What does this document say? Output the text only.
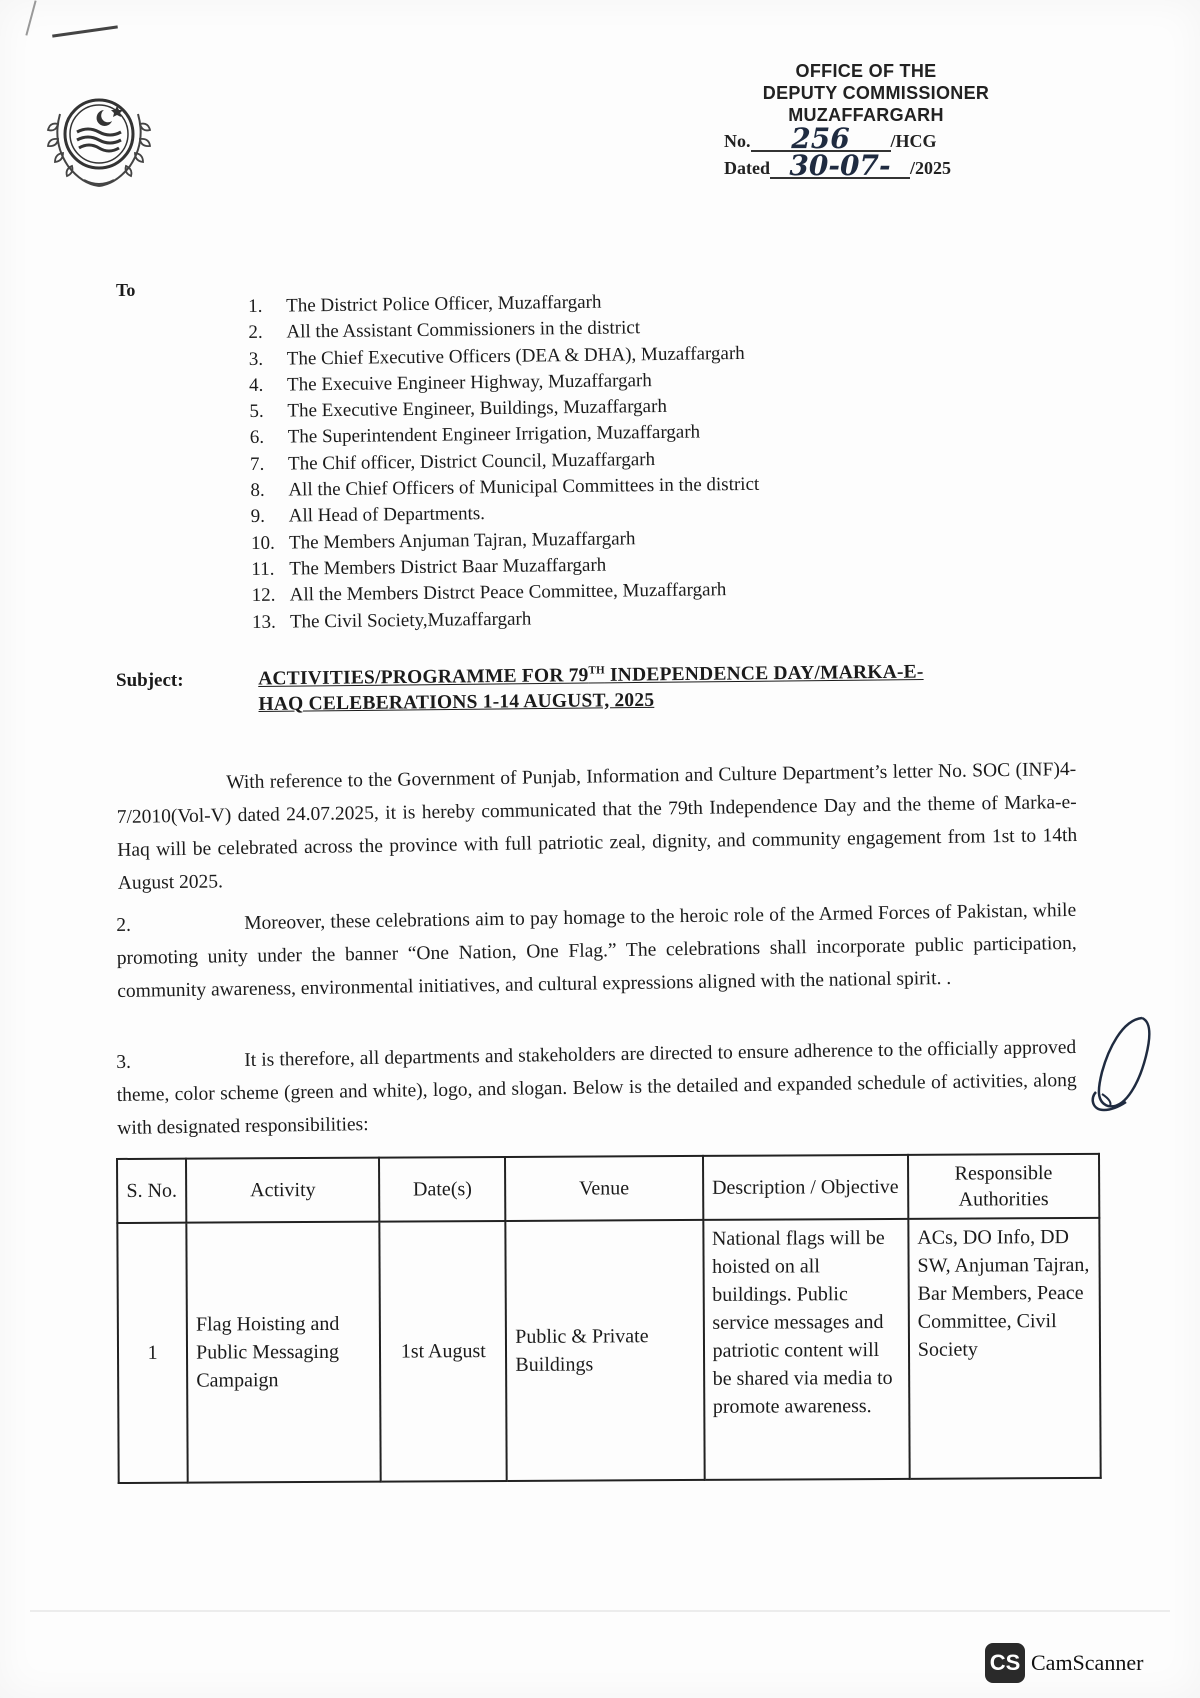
OFFICE OF THE
DEPUTY COMMISSIONER
MUZAFFARGARH
No. 256 /HCG
Dated 30-07- /2025
To
1. The District Police Officer, Muzaffargarh
2. All the Assistant Commissioners in the district
3. The Chief Executive Officers (DEA & DHA), Muzaffargarh
4. The Execuive Engineer Highway, Muzaffargarh
5. The Executive Engineer, Buildings, Muzaffargarh
6. The Superintendent Engineer Irrigation, Muzaffargarh
7. The Chif officer, District Council, Muzaffargarh
8. All the Chief Officers of Municipal Committees in the district
9. All Head of Departments.
10. The Members Anjuman Tajran, Muzaffargarh
11. The Members District Baar Muzaffargarh
12. All the Members Distrct Peace Committee, Muzaffargarh
13. The Civil Society,Muzaffargarh
Subject:	ACTIVITIES/PROGRAMME FOR 79TH INDEPENDENCE DAY/MARKA-E-
HAQ CELEBERATIONS 1-14 AUGUST, 2025
With reference to the Government of Punjab, Information and Culture Department’s letter No. SOC (INF)4-7/2010(Vol-V) dated 24.07.2025, it is hereby communicated that the 79th Independence Day and the theme of Marka-e-Haq will be celebrated across the province with full patriotic zeal, dignity, and community engagement from 1st to 14th August 2025.
2.	Moreover, these celebrations aim to pay homage to the heroic role of the Armed Forces of Pakistan, while promoting unity under the banner “One Nation, One Flag.” The celebrations shall incorporate public participation, community awareness, environmental initiatives, and cultural expressions aligned with the national spirit. .
3.	It is therefore, all departments and stakeholders are directed to ensure adherence to the officially approved theme, color scheme (green and white), logo, and slogan. Below is the detailed and expanded schedule of activities, along with designated responsibilities:
S. No.	Activity	Date(s)	Venue	Description / Objective	Responsible Authorities
1	Flag Hoisting and Public Messaging Campaign	1st August	Public & Private Buildings	National flags will be hoisted on all buildings. Public service messages and patriotic content will be shared via media to promote awareness.	ACs, DO Info, DD SW, Anjuman Tajran, Bar Members, Peace Committee, Civil Society
CS CamScanner
